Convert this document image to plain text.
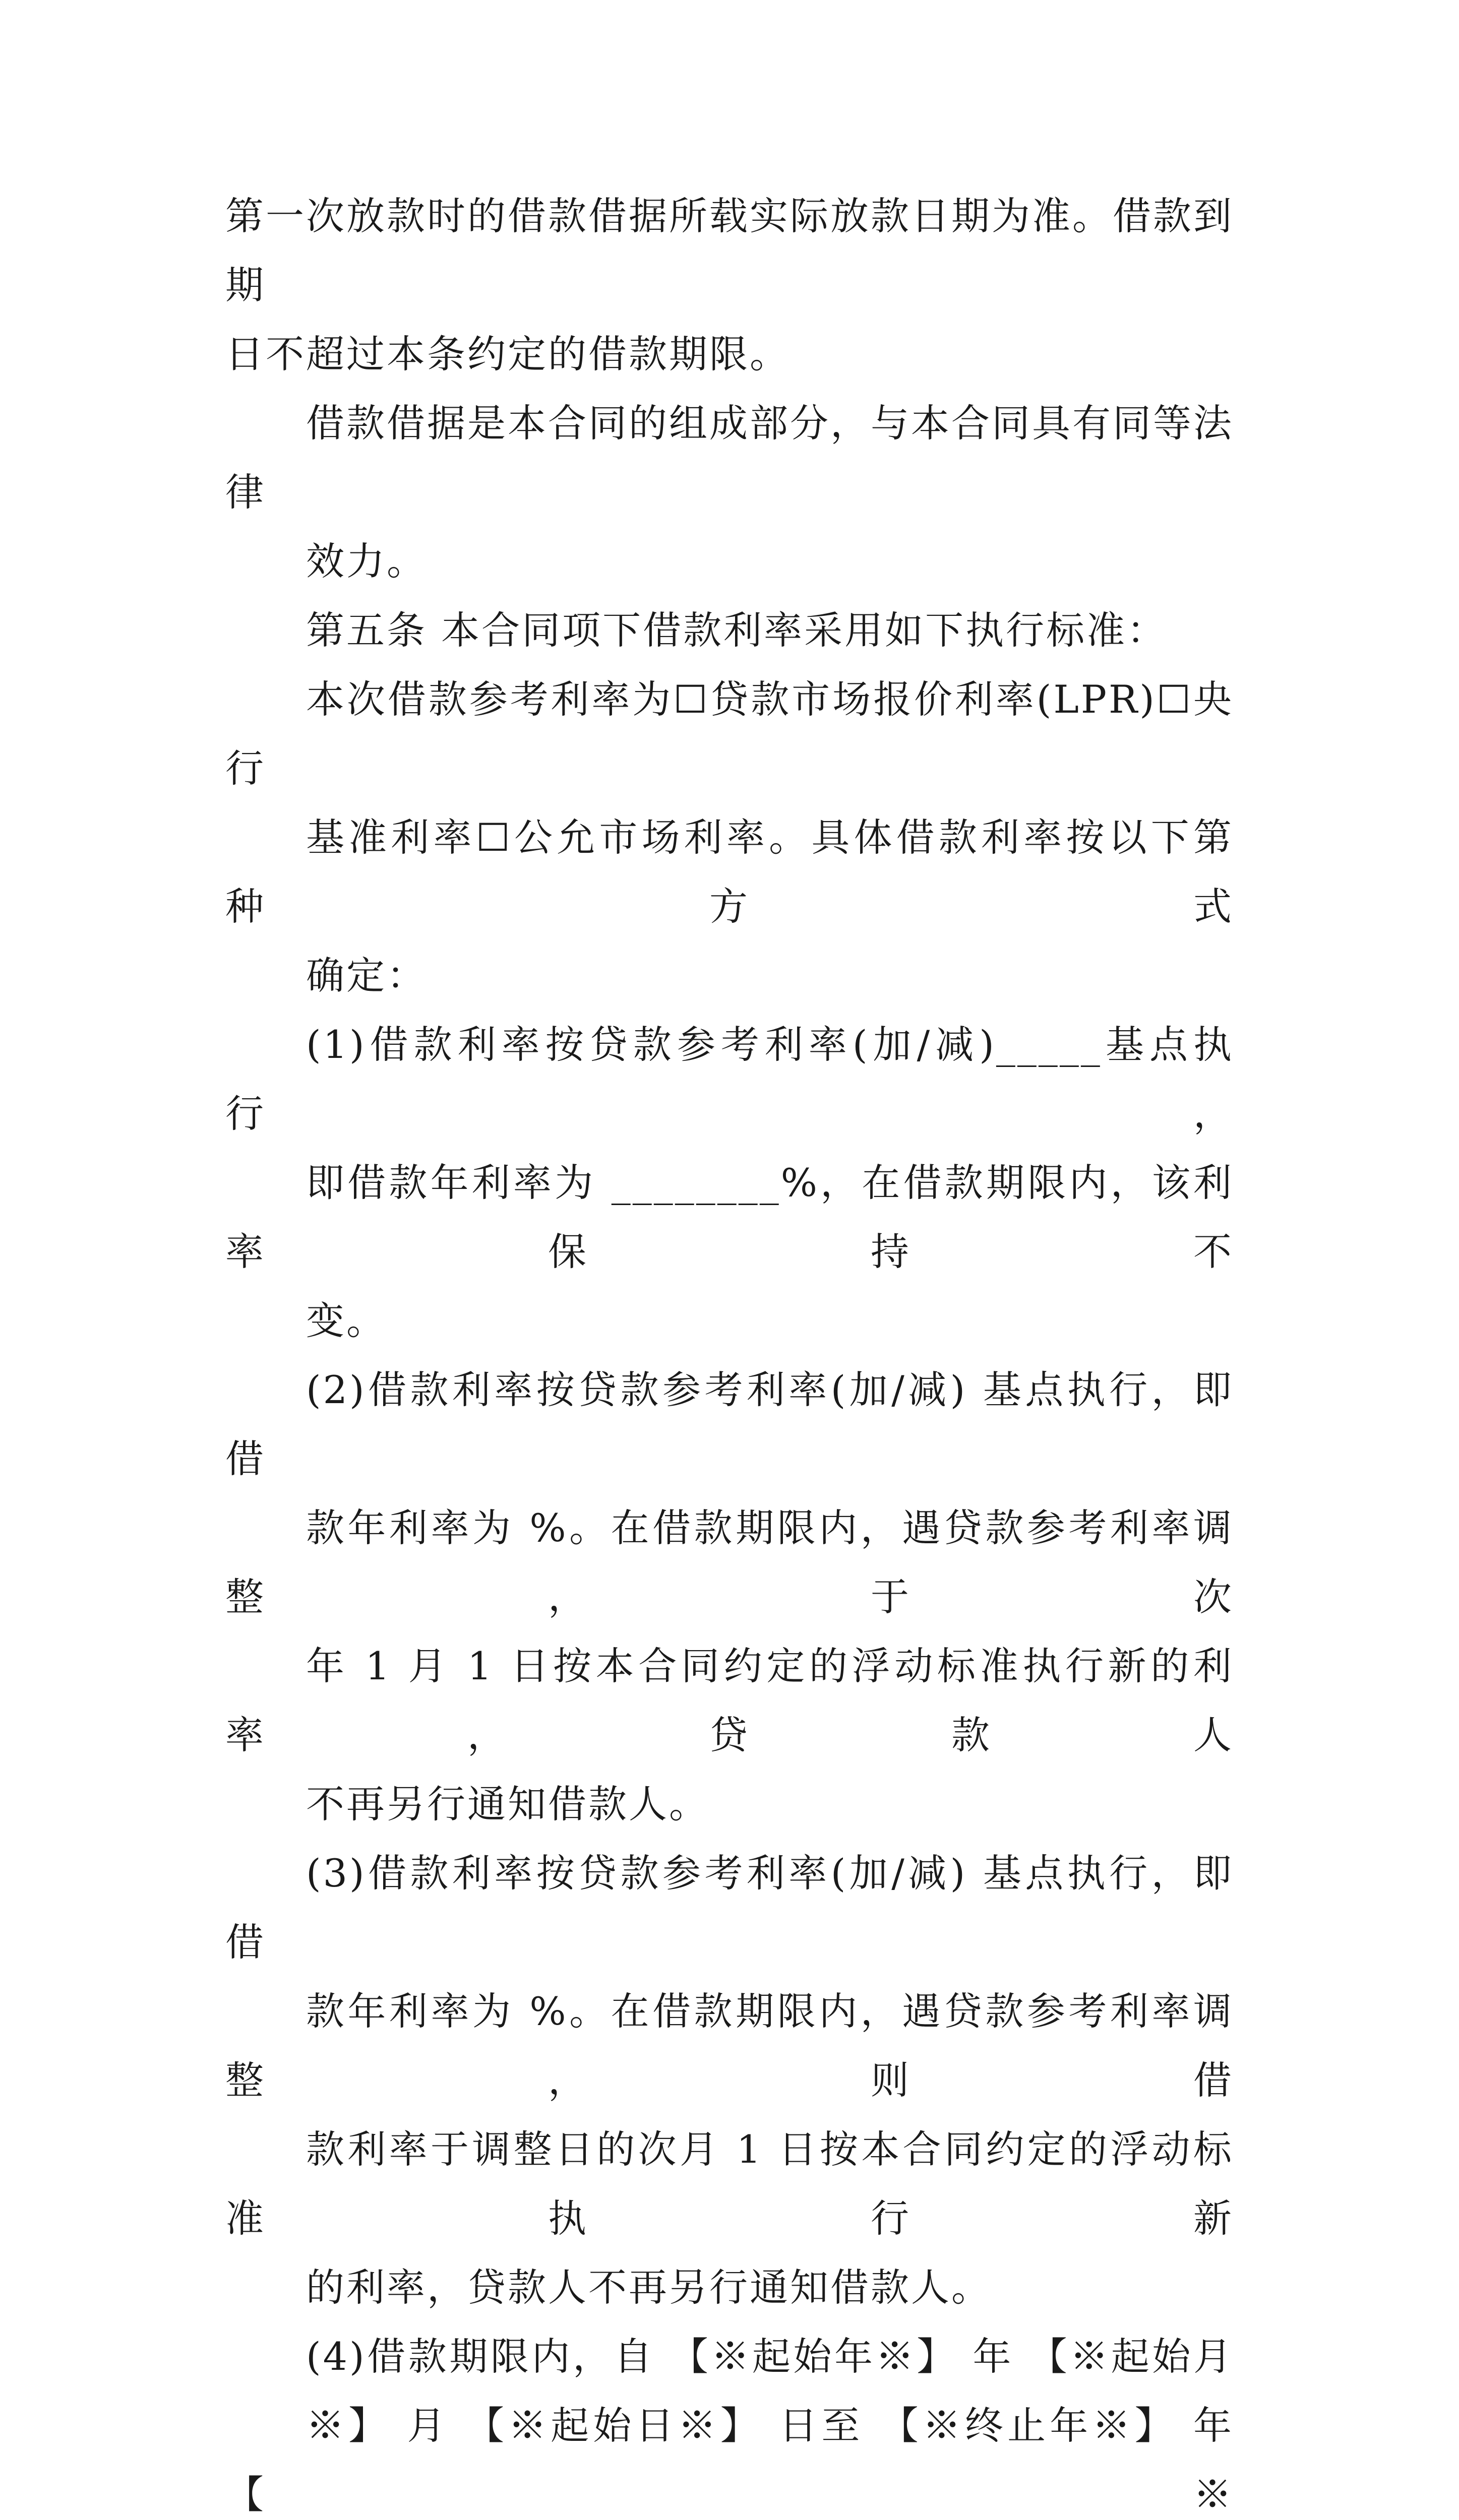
第一次放款时的借款借据所载实际放款日期为准。借款到期
日不超过本条约定的借款期限。

借款借据是本合同的组成部分，与本合同具有同等法律
效力。

第五条 本合同项下借款利率采用如下执行标准：

本次借款参考利率为☐贷款市场报价利率(LPR)☐央行
基准利率☐公允市场利率。具体借款利率按以下第 种方式
确定：

(1)借款利率按贷款参考利率(加/减)_____基点执行，
即借款年利率为 ________%，在借款期限内，该利率保持不
变。

(2)借款利率按贷款参考利率(加/减) 基点执行，即借
款年利率为 %。在借款期限内，遇贷款参考利率调整，于次
年 1 月 1 日按本合同约定的浮动标准执行新的利率，贷款人
不再另行通知借款人。

(3)借款利率按贷款参考利率(加/减) 基点执行，即借
款年利率为 %。在借款期限内，遇贷款参考利率调整，则借
款利率于调整日的次月 1 日按本合同约定的浮动标准执行新
的利率，贷款人不再另行通知借款人。

(4)借款期限内，自 【※起始年※】 年 【※起始月
※】 月 【※起始日※】 日至 【※终止年※】 年 【※
